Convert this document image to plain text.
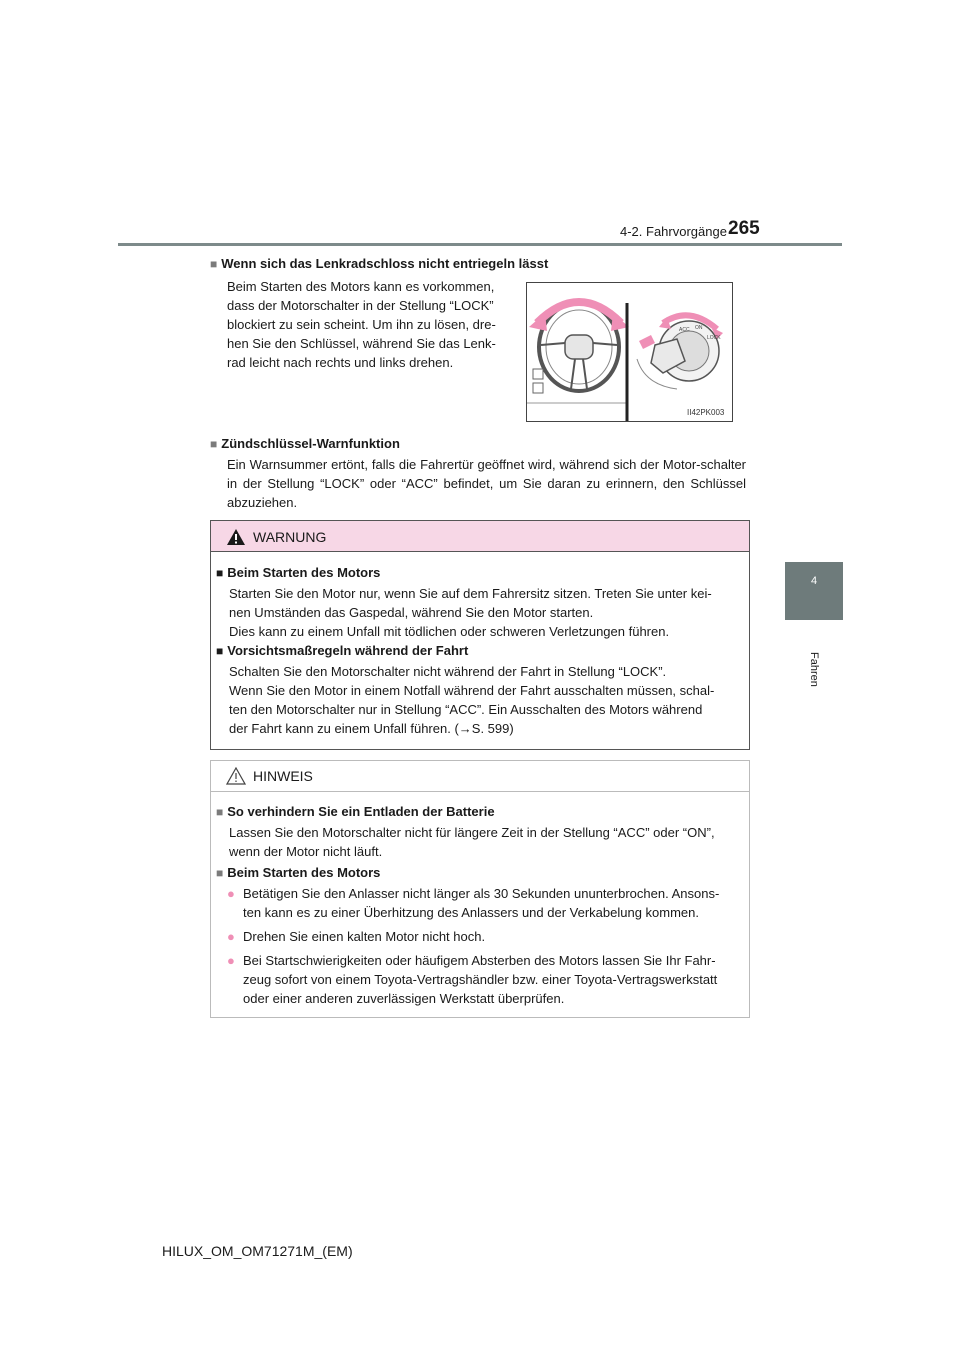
4-2. Fahrvorgänge 265
4
Fahren
■ Wenn sich das Lenkradschloss nicht entriegeln lässt
Beim Starten des Motors kann es vorkommen,
dass der Motorschalter in der Stellung “LOCK”
blockiert zu sein scheint. Um ihn zu lösen, dre-
hen Sie den Schlüssel, während Sie das Lenk-
rad leicht nach rechts und links drehen.
ACC ON
LOCK
II42PK003
■ Zündschlüssel-Warnfunktion
Ein Warnsummer ertönt, falls die Fahrertür geöffnet wird, während sich der Motor-schalter in der Stellung “LOCK” oder “ACC” befindet, um Sie daran zu erinnern, den Schlüssel abzuziehen.
WARNUNG
■ Beim Starten des Motors
Starten Sie den Motor nur, wenn Sie auf dem Fahrersitz sitzen. Treten Sie unter kei-
nen Umständen das Gaspedal, während Sie den Motor starten.
Dies kann zu einem Unfall mit tödlichen oder schweren Verletzungen führen.
■ Vorsichtsmaßregeln während der Fahrt
Schalten Sie den Motorschalter nicht während der Fahrt in Stellung “LOCK”.
Wenn Sie den Motor in einem Notfall während der Fahrt ausschalten müssen, schal-
ten den Motorschalter nur in Stellung “ACC”. Ein Ausschalten des Motors während
der Fahrt kann zu einem Unfall führen. (→S. 599)
HINWEIS
■ So verhindern Sie ein Entladen der Batterie
Lassen Sie den Motorschalter nicht für längere Zeit in der Stellung “ACC” oder “ON”,
wenn der Motor nicht läuft.
■ Beim Starten des Motors
● Betätigen Sie den Anlasser nicht länger als 30 Sekunden ununterbrochen. Ansons-
ten kann es zu einer Überhitzung des Anlassers und der Verkabelung kommen.
● Drehen Sie einen kalten Motor nicht hoch.
● Bei Startschwierigkeiten oder häufigem Absterben des Motors lassen Sie Ihr Fahr-
zeug sofort von einem Toyota-Vertragshändler bzw. einer Toyota-Vertragswerkstatt
oder einer anderen zuverlässigen Werkstatt überprüfen.
HILUX_OM_OM71271M_(EM)
